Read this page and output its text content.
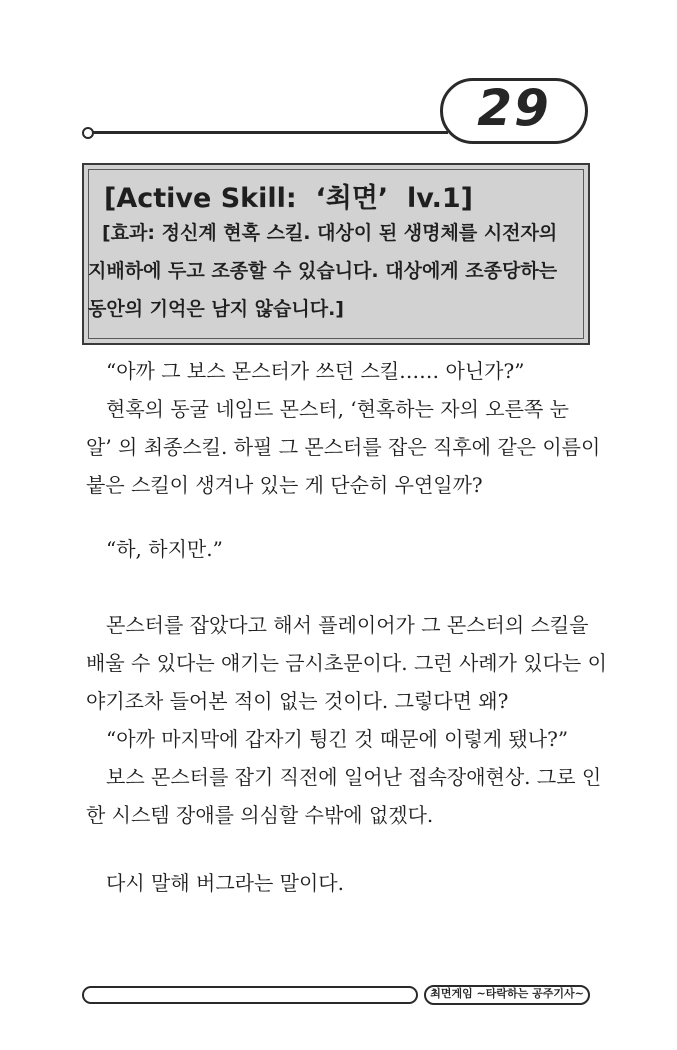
29

[Active Skill:  ‘최면’  lv.1]

[효과: 정신계 현혹 스킬. 대상이 된 생명체를 시전자의
지배하에 두고 조종할 수 있습니다. 대상에게 조종당하는
동안의 기억은 남지 않습니다.]

“아까 그 보스 몬스터가 쓰던 스킬…… 아닌가?”
현혹의 동굴 네임드 몬스터, ‘현혹하는 자의 오른쪽 눈
알’ 의 최종스킬. 하필 그 몬스터를 잡은 직후에 같은 이름이
붙은 스킬이 생겨나 있는 게 단순히 우연일까?

“하, 하지만.”

몬스터를 잡았다고 해서 플레이어가 그 몬스터의 스킬을
배울 수 있다는 얘기는 금시초문이다. 그런 사례가 있다는 이
야기조차 들어본 적이 없는 것이다. 그렇다면 왜?
“아까 마지막에 갑자기 튕긴 것 때문에 이렇게 됐나?”
보스 몬스터를 잡기 직전에 일어난 접속장애현상. 그로 인
한 시스템 장애를 의심할 수밖에 없겠다.

다시 말해 버그라는 말이다.

최면게임 ~타락하는 공주기사~
